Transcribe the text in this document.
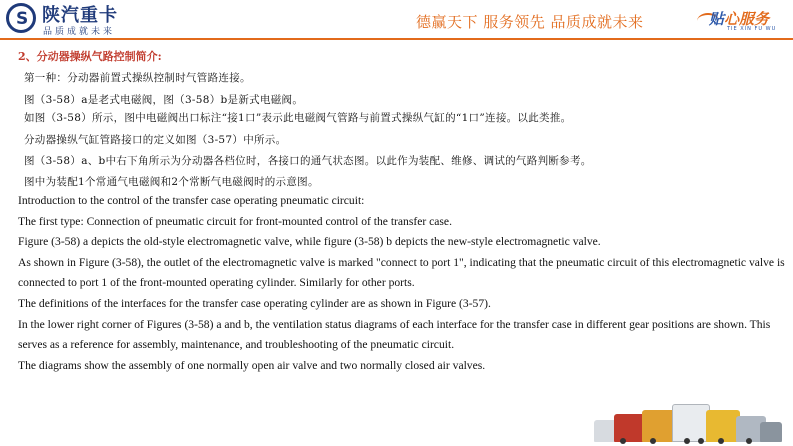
S 陕汽重卡
品质成就未来
德赢天下 服务领先 品质成就未来	贴心服务
TIE XIN FU WU
2、分动器操纵气路控制简介:
第一种：分动器前置式操纵控制时气管路连接。
图（3-58）a是老式电磁阀，图（3-58）b是新式电磁阀。
如图（3-58）所示，图中电磁阀出口标注“接1口”表示此电磁阀气管路与前置式操纵气缸的“1口”连接。以此类推。
分动器操纵气缸管路接口的定义如图（3-57）中所示。
图（3-58）a、b中右下角所示为分动器各档位时，各接口的通气状态图。以此作为装配、维修、调试的气路判断参考。
图中为装配1个常通气电磁阀和2个常断气电磁阀时的示意图。
Introduction to the control of the transfer case operating pneumatic circuit:
The first type: Connection of pneumatic circuit for front-mounted control of the transfer case.
Figure (3-58) a depicts the old-style electromagnetic valve, while figure (3-58) b depicts the new-style electromagnetic valve.
As shown in Figure (3-58), the outlet of the electromagnetic valve is marked "connect to port 1", indicating that the pneumatic circuit of this electromagnetic valve is
connected to port 1 of the front-mounted operating cylinder. Similarly for other ports.
The definitions of the interfaces for the transfer case operating cylinder are as shown in Figure (3-57).
In the lower right corner of Figures (3-58) a and b, the ventilation status diagrams of each interface for the transfer case in different gear positions are shown. This
serves as a reference for assembly, maintenance, and troubleshooting of the pneumatic circuit.
The diagrams show the assembly of one normally open air valve and two normally closed air valves.
